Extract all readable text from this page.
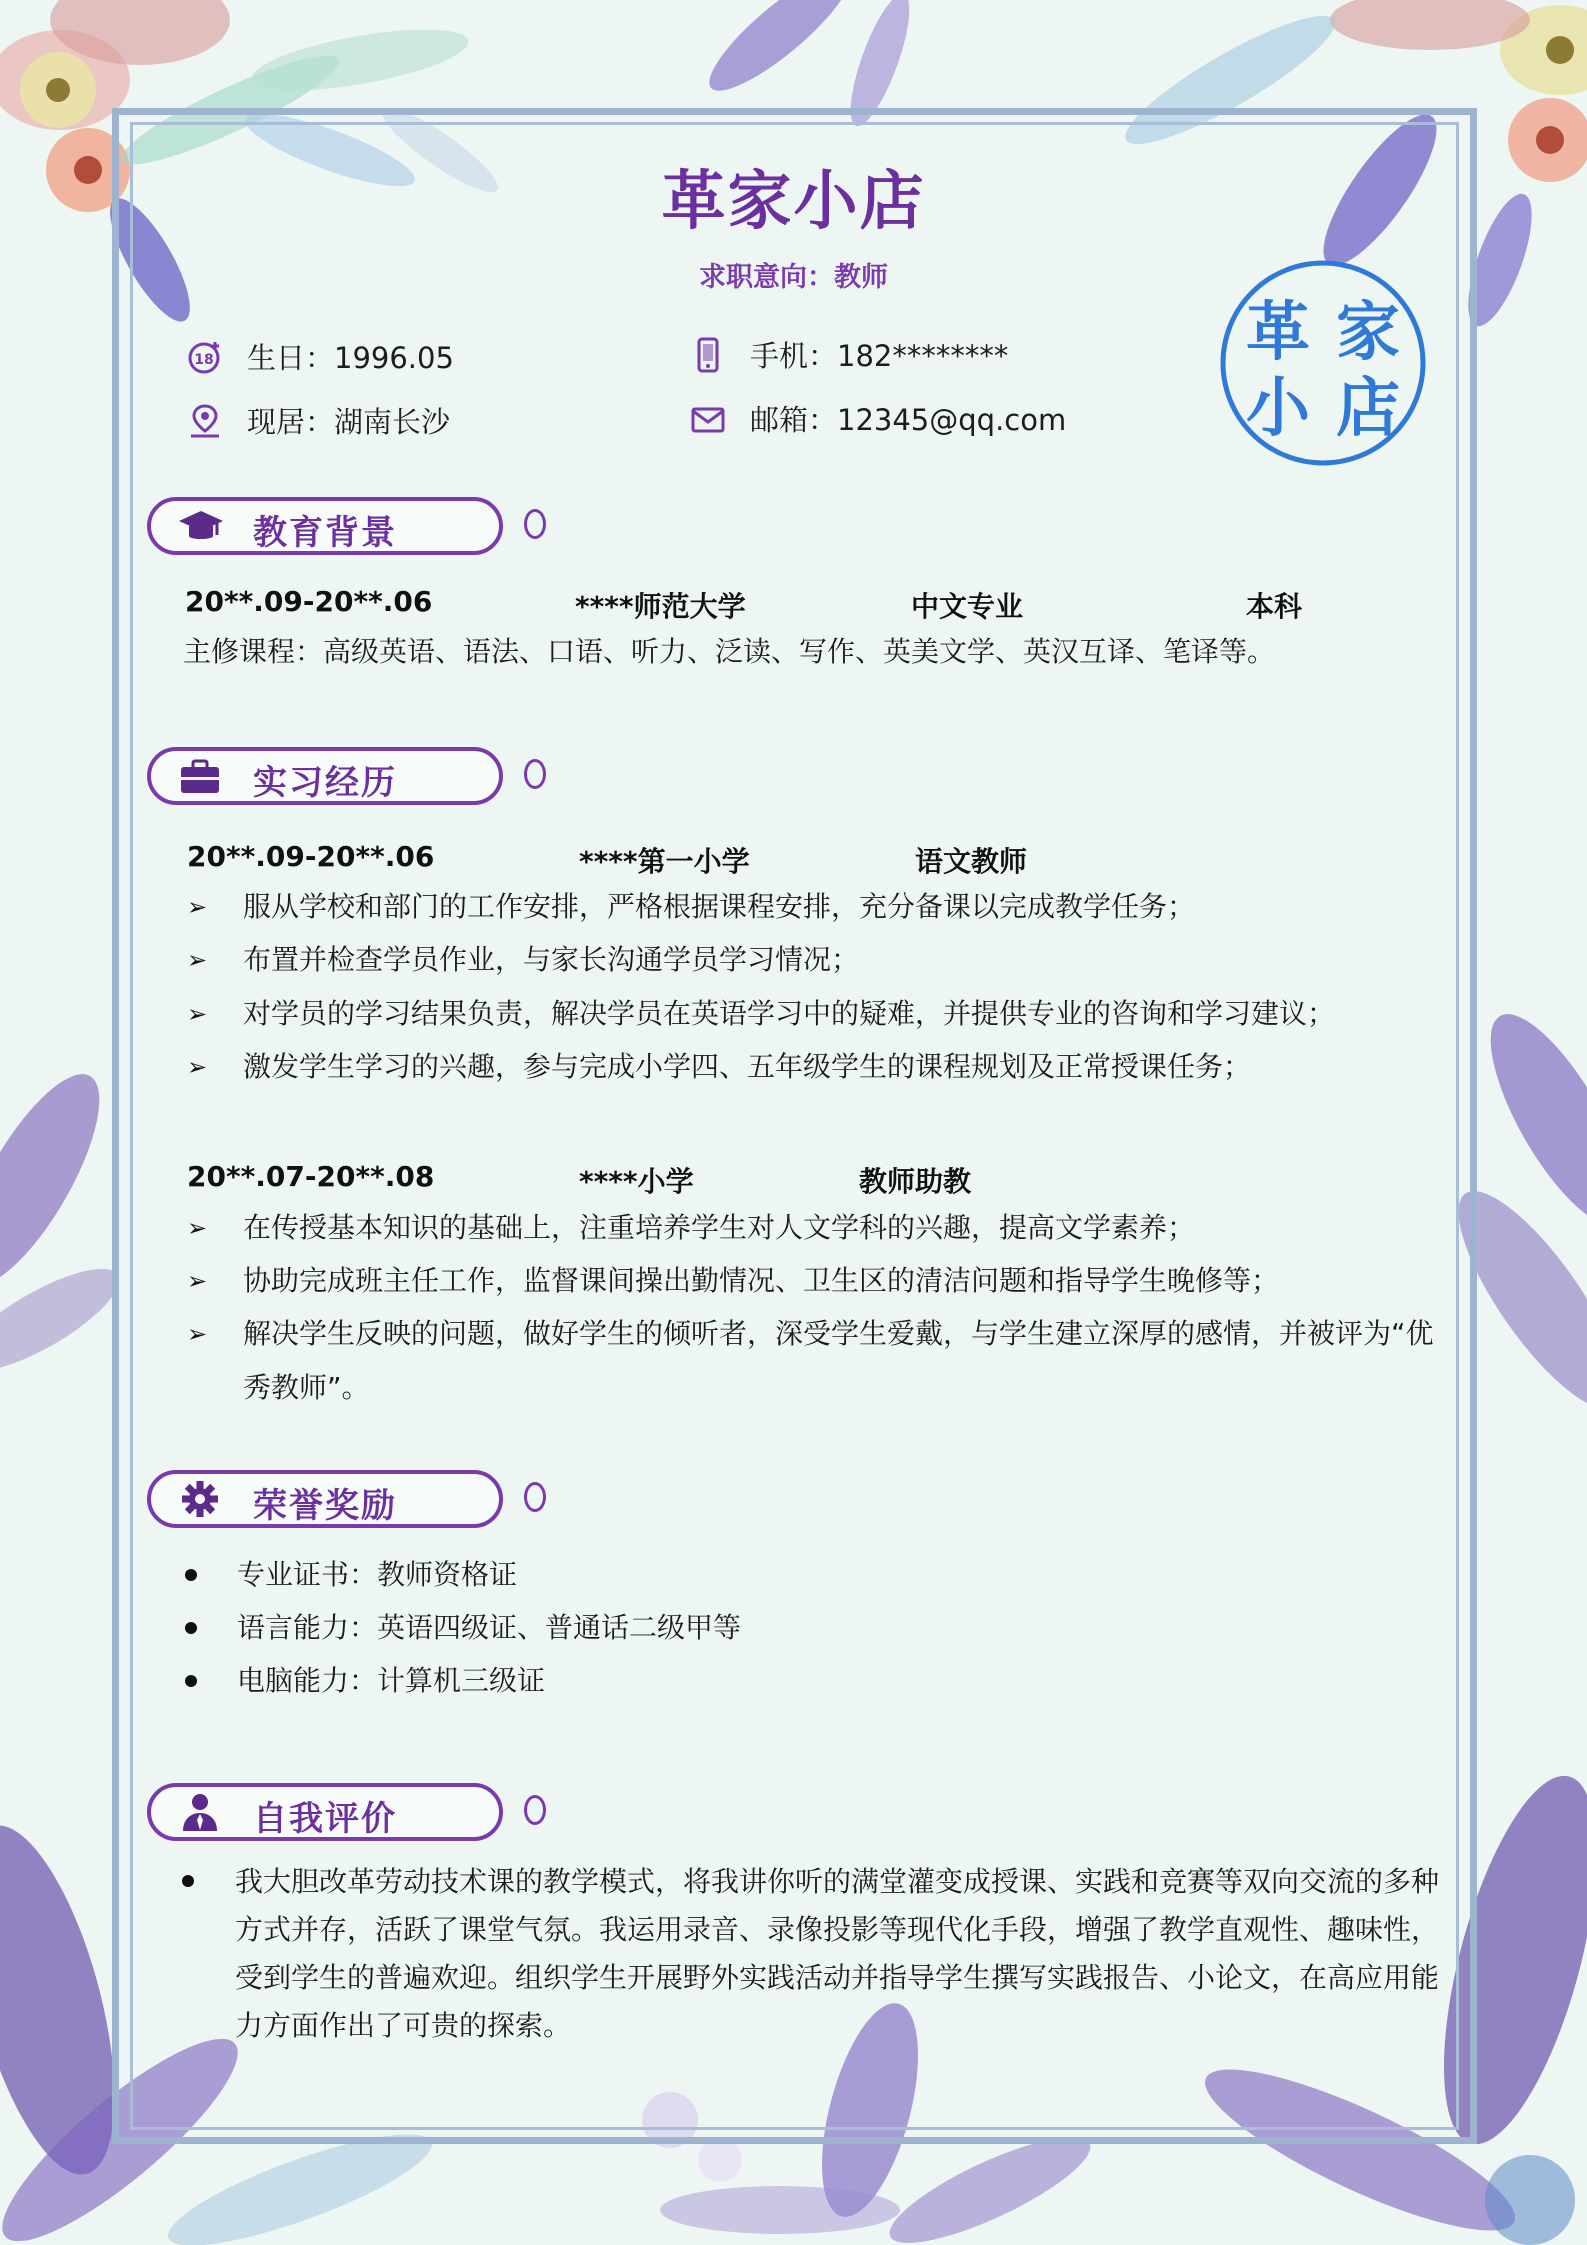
革家小店
求职意向：教师
革 家
小 店
18 生日：1996.05
现居：湖南长沙
手机：182********
邮箱：12345@qq.com
教育背景
20**.09-20**.06	****师范大学	中文专业	本科
主修课程：高级英语、语法、口语、听力、泛读、写作、英美文学、英汉互译、笔译等。
实习经历
20**.09-20**.06	****第一小学	语文教师
➢ 服从学校和部门的工作安排，严格根据课程安排，充分备课以完成教学任务；
➢ 布置并检查学员作业，与家长沟通学员学习情况；
➢ 对学员的学习结果负责，解决学员在英语学习中的疑难，并提供专业的咨询和学习建议；
➢ 激发学生学习的兴趣，参与完成小学四、五年级学生的课程规划及正常授课任务；
20**.07-20**.08	****小学	教师助教
➢ 在传授基本知识的基础上，注重培养学生对人文学科的兴趣，提高文学素养；
➢ 协助完成班主任工作，监督课间操出勤情况、卫生区的清洁问题和指导学生晚修等；
➢ 解决学生反映的问题，做好学生的倾听者，深受学生爱戴，与学生建立深厚的感情，并被评为“优
秀教师”。
荣誉奖励
专业证书：教师资格证
语言能力：英语四级证、普通话二级甲等
电脑能力：计算机三级证
自我评价
我大胆改革劳动技术课的教学模式，将我讲你听的满堂灌变成授课、实践和竞赛等双向交流的多种
方式并存，活跃了课堂气氛。我运用录音、录像投影等现代化手段，增强了教学直观性、趣味性，
受到学生的普遍欢迎。组织学生开展野外实践活动并指导学生撰写实践报告、小论文，在高应用能
力方面作出了可贵的探索。
